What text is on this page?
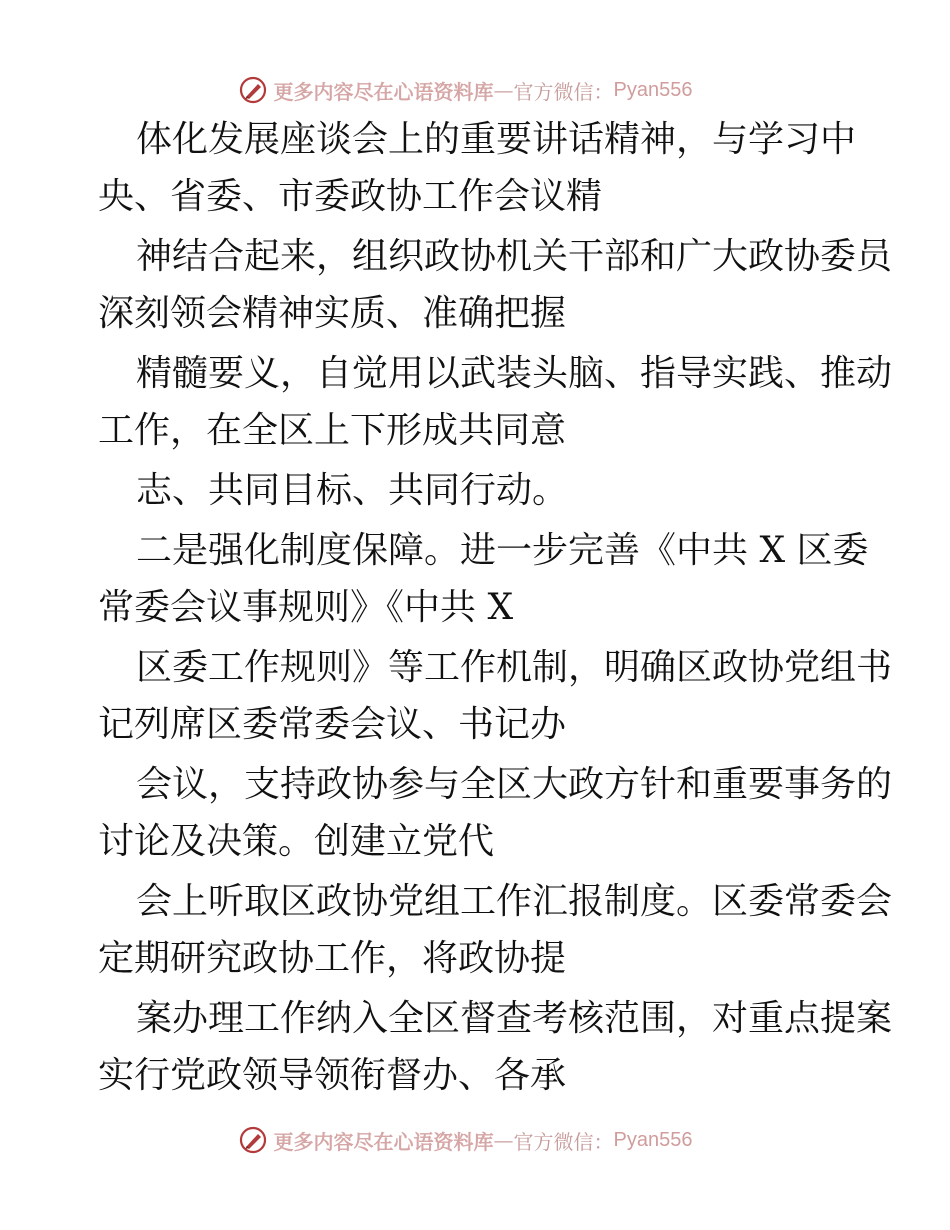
更多内容尽在心语资料库 — 官方微信： Pyan556
体化发展座谈会上的重要讲话精神，与学习中
央、省委、市委政协工作会议精
神结合起来，组织政协机关干部和广大政协委员
深刻领会精神实质、准确把握
精髓要义，自觉用以武装头脑、指导实践、推动
工作，在全区上下形成共同意
志、共同目标、共同行动。
二是强化制度保障。进一步完善《中共 X 区委
常委会议事规则》《中共 X
区委工作规则》等工作机制，明确区政协党组书
记列席区委常委会议、书记办
会议，支持政协参与全区大政方针和重要事务的
讨论及决策。创建立党代
会上听取区政协党组工作汇报制度。区委常委会
定期研究政协工作，将政协提
案办理工作纳入全区督查考核范围，对重点提案
实行党政领导领衔督办、各承
更多内容尽在心语资料库 — 官方微信： Pyan556
